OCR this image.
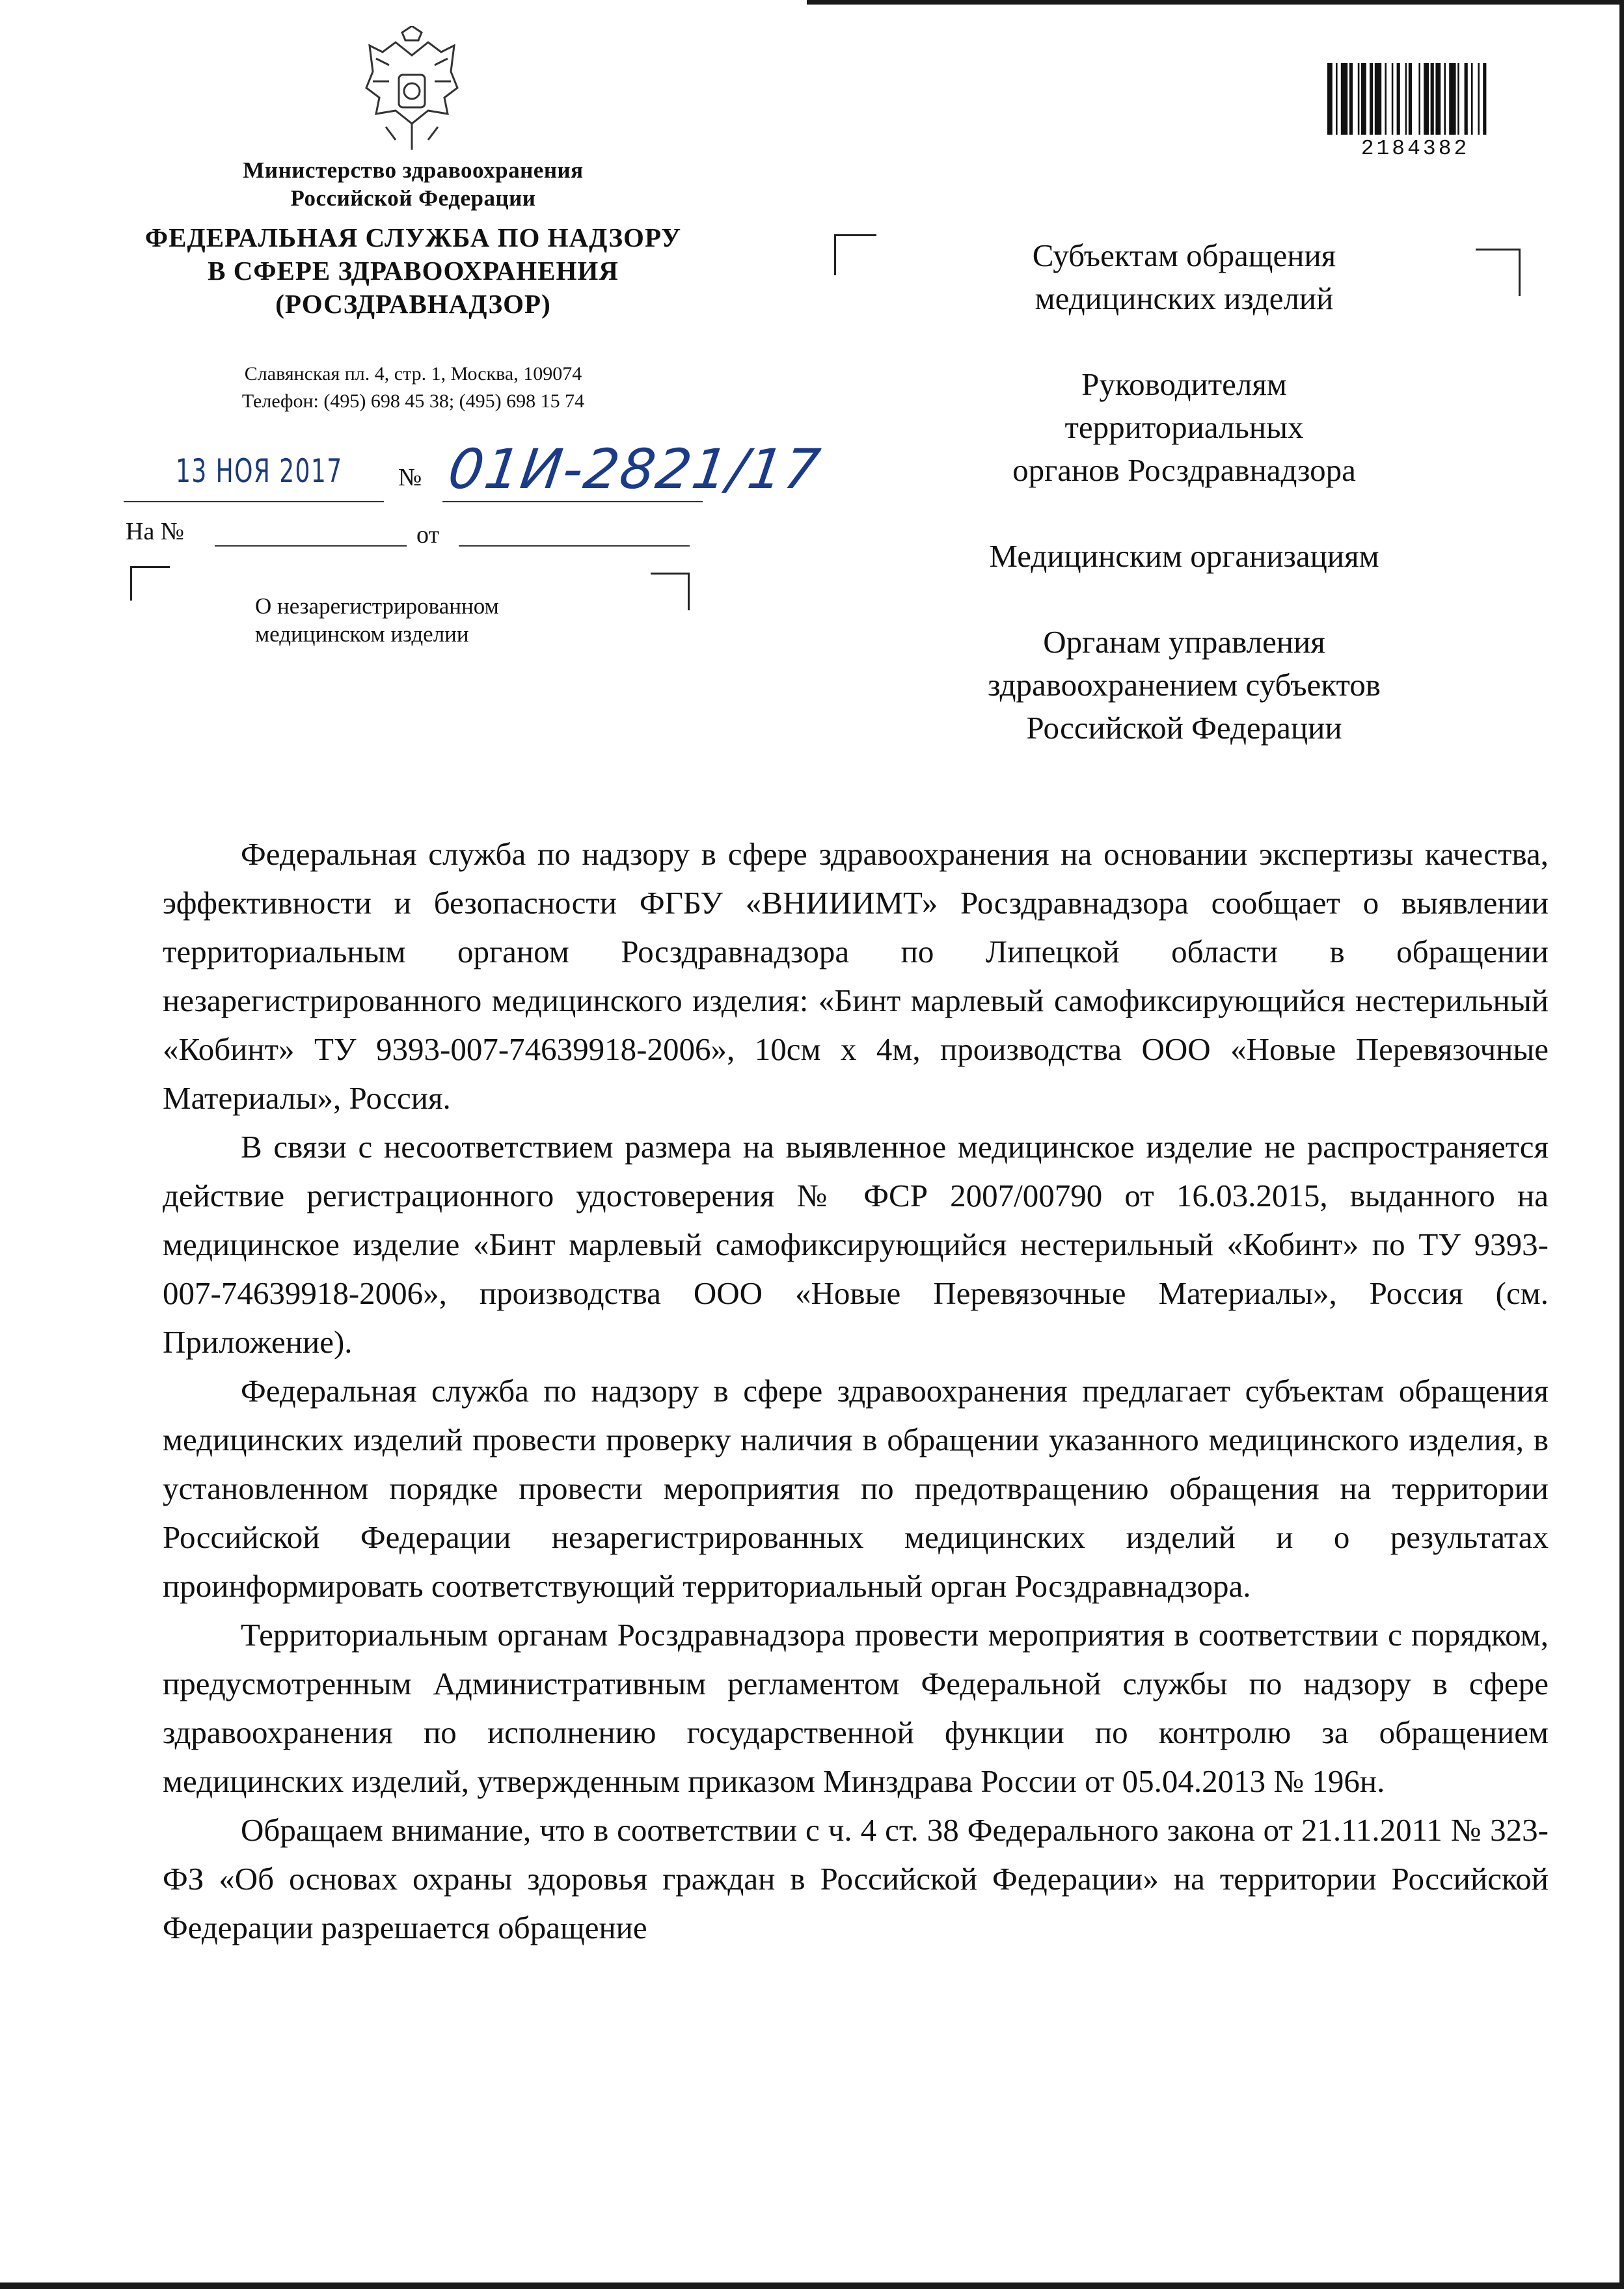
Министерство здравоохранения
Российской Федерации
ФЕДЕРАЛЬНАЯ СЛУЖБА ПО НАДЗОРУ
В СФЕРЕ ЗДРАВООХРАНЕНИЯ
(РОСЗДРАВНАДЗОР)
Славянская пл. 4, стр. 1, Москва, 109074
Телефон: (495) 698 45 38; (495) 698 15 74
2184382
13 НОЯ 2017 № 01И-2821/17
На №	от
О незарегистрированном
медицинском изделии

Субъектам обращения
медицинских изделий

Руководителям
территориальных
органов Росздравнадзора

Медицинским организациям

Органам управления
здравоохранением субъектов
Российской Федерации

Федеральная служба по надзору в сфере здравоохранения на основании экспертизы качества, эффективности и безопасности ФГБУ «ВНИИИМТ» Росздравнадзора сообщает о выявлении территориальным органом Росздравнадзора по Липецкой области в обращении незарегистрированного медицинского изделия: «Бинт марлевый самофиксирующийся нестерильный «Кобинт» ТУ 9393-007-74639918-2006», 10см х 4м, производства ООО «Новые Перевязочные Материалы», Россия.

В связи с несоответствием размера на выявленное медицинское изделие не распространяется действие регистрационного удостоверения № ФСР 2007/00790 от 16.03.2015, выданного на медицинское изделие «Бинт марлевый самофиксирующийся нестерильный «Кобинт» по ТУ 9393-007-74639918-2006», производства ООО «Новые Перевязочные Материалы», Россия (см. Приложение).

Федеральная служба по надзору в сфере здравоохранения предлагает субъектам обращения медицинских изделий провести проверку наличия в обращении указанного медицинского изделия, в установленном порядке провести мероприятия по предотвращению обращения на территории Российской Федерации незарегистрированных медицинских изделий и о результатах проинформировать соответствующий территориальный орган Росздравнадзора.

Территориальным органам Росздравнадзора провести мероприятия в соответствии с порядком, предусмотренным Административным регламентом Федеральной службы по надзору в сфере здравоохранения по исполнению государственной функции по контролю за обращением медицинских изделий, утвержденным приказом Минздрава России от 05.04.2013 № 196н.

Обращаем внимание, что в соответствии с ч. 4 ст. 38 Федерального закона от 21.11.2011 № 323-ФЗ «Об основах охраны здоровья граждан в Российской Федерации» на территории Российской Федерации разрешается обращение
